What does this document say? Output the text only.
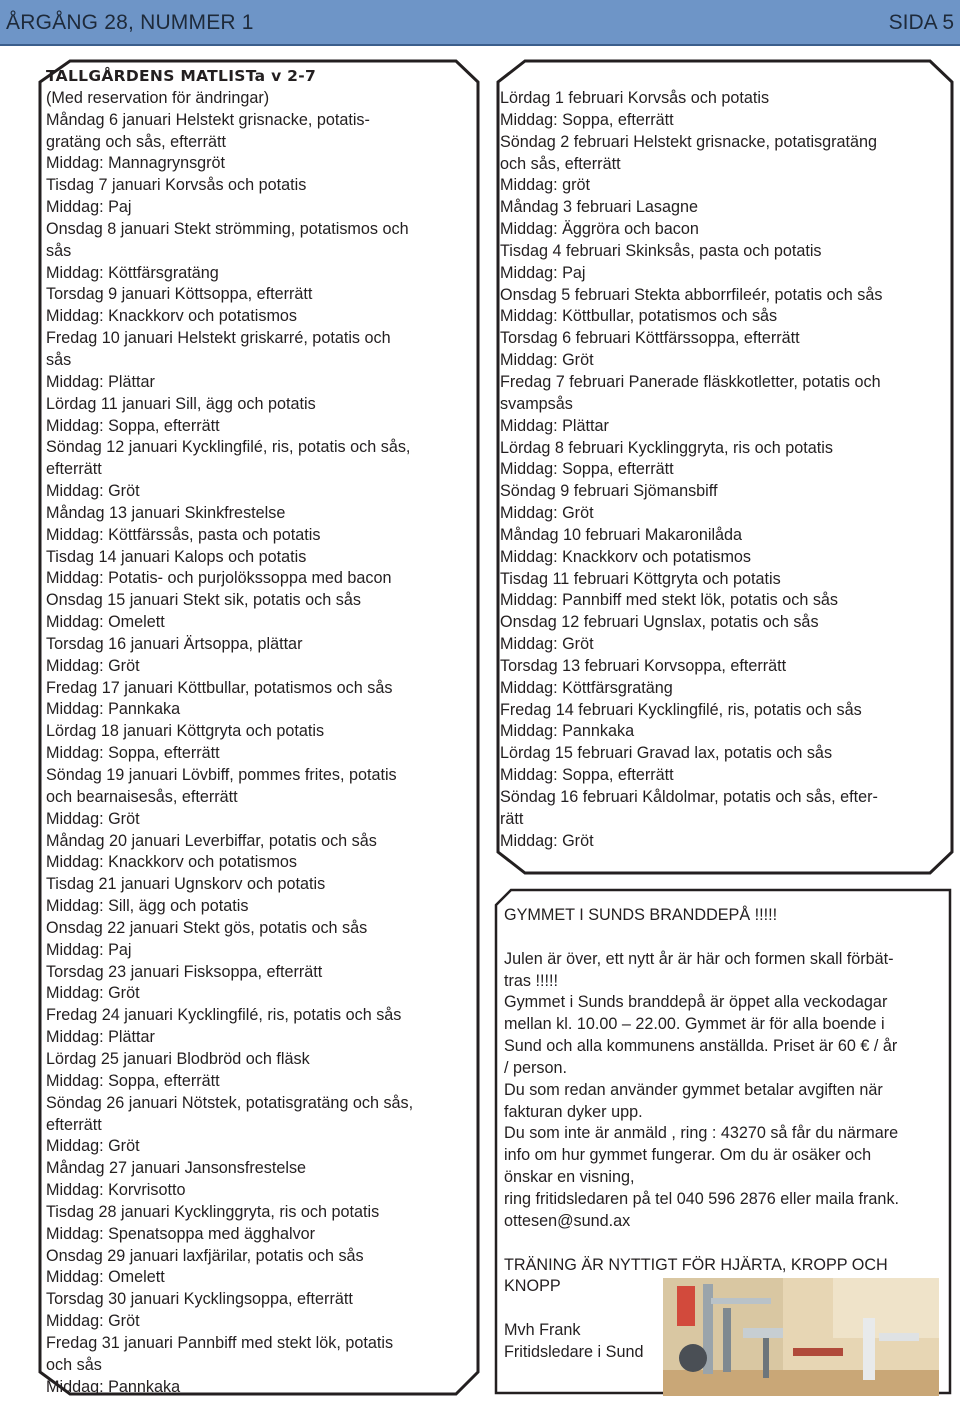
ÅRGÅNG 28, NUMMER 1	SIDA 5
TALLGÅRDENS MATLISTa v 2-7
(Med reservation för ändringar)
Måndag 6 januari Helstekt grisnacke, potatis-
gratäng och sås, efterrätt
Middag: Mannagrynsgröt
Tisdag 7 januari Korvsås och potatis
Middag: Paj
Onsdag 8 januari Stekt strömming, potatismos och
sås
Middag: Köttfärsgratäng
Torsdag 9 januari Köttsoppa, efterrätt
Middag: Knackkorv och potatismos
Fredag 10 januari Helstekt griskarré, potatis och
sås
Middag: Plättar
Lördag 11 januari Sill, ägg och potatis
Middag: Soppa, efterrätt
Söndag 12 januari Kycklingfilé, ris, potatis och sås,
efterrätt
Middag: Gröt
Måndag 13 januari Skinkfrestelse
Middag: Köttfärssås, pasta och potatis
Tisdag 14 januari Kalops och potatis
Middag: Potatis- och purjolökssoppa med bacon
Onsdag 15 januari Stekt sik, potatis och sås
Middag: Omelett
Torsdag 16 januari Ärtsoppa, plättar
Middag: Gröt
Fredag 17 januari Köttbullar, potatismos och sås
Middag: Pannkaka
Lördag 18 januari Köttgryta och potatis
Middag: Soppa, efterrätt
Söndag 19 januari Lövbiff, pommes frites, potatis
och bearnaisesås, efterrätt
Middag: Gröt
Måndag 20 januari Leverbiffar, potatis och sås
Middag: Knackkorv och potatismos
Tisdag 21 januari Ugnskorv och potatis
Middag: Sill, ägg och potatis
Onsdag 22 januari Stekt gös, potatis och sås
Middag: Paj
Torsdag 23 januari Fisksoppa, efterrätt
Middag: Gröt
Fredag 24 januari Kycklingfilé, ris, potatis och sås
Middag: Plättar
Lördag 25 januari Blodbröd och fläsk
Middag: Soppa, efterrätt
Söndag 26 januari Nötstek, potatisgratäng och sås,
efterrätt
Middag: Gröt
Måndag 27 januari Jansonsfrestelse
Middag: Korvrisotto
Tisdag 28 januari Kycklinggryta, ris och potatis
Middag: Spenatsoppa med ägghalvor
Onsdag 29 januari laxfjärilar, potatis och sås
Middag: Omelett
Torsdag 30 januari Kycklingsoppa, efterrätt
Middag: Gröt
Fredag 31 januari Pannbiff med stekt lök, potatis
och sås
Middag: Pannkaka
Lördag 1 februari Korvsås och potatis
Middag: Soppa, efterrätt
Söndag 2 februari Helstekt grisnacke, potatisgratäng
och sås, efterrätt
Middag: gröt
Måndag 3 februari Lasagne
Middag: Äggröra och bacon
Tisdag 4 februari Skinksås, pasta och potatis
Middag: Paj
Onsdag 5 februari Stekta abborrfileér, potatis och sås
Middag: Köttbullar, potatismos och sås
Torsdag 6 februari Köttfärssoppa, efterrätt
Middag: Gröt
Fredag 7 februari Panerade fläskkotletter, potatis och
svampsås
Middag: Plättar
Lördag 8 februari Kycklinggryta, ris och potatis
Middag: Soppa, efterrätt
Söndag 9 februari Sjömansbiff
Middag: Gröt
Måndag 10 februari Makaronilåda
Middag: Knackkorv och potatismos
Tisdag 11 februari Köttgryta och potatis
Middag: Pannbiff med stekt lök, potatis och sås
Onsdag 12 februari Ugnslax, potatis och sås
Middag: Gröt
Torsdag 13 februari Korvsoppa, efterrätt
Middag: Köttfärsgratäng
Fredag 14 februari Kycklingfilé, ris, potatis och sås
Middag: Pannkaka
Lördag 15 februari Gravad lax, potatis och sås
Middag: Soppa, efterrätt
Söndag 16 februari Kåldolmar, potatis och sås, efter-
rätt
Middag: Gröt
GYMMET I SUNDS BRANDDEPÅ !!!!!
Julen är över, ett nytt år är här och formen skall förbät-
tras !!!!!
Gymmet i Sunds branddepå är öppet alla veckodagar
mellan kl. 10.00 – 22.00. Gymmet är för alla boende i
Sund och alla kommunens anställda. Priset är 60 € / år
/ person.
Du som redan använder gymmet betalar avgiften när
fakturan dyker upp.
Du som inte är anmäld , ring : 43270 så får du närmare
info om hur gymmet fungerar. Om du är osäker och
önskar en visning,
ring fritidsledaren på tel 040 596 2876 eller maila frank.
ottesen@sund.ax
TRÄNING ÄR NYTTIGT FÖR HJÄRTA, KROPP OCH
KNOPP
Mvh Frank
Fritidsledare i Sund
